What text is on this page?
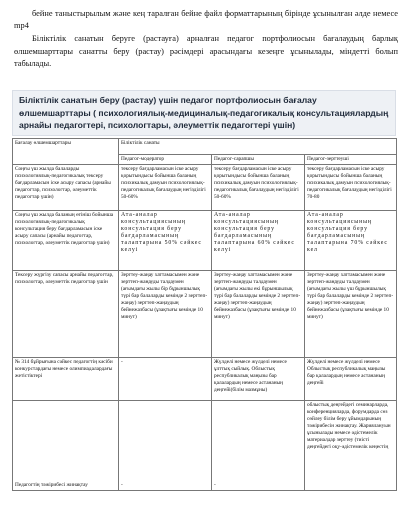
бейне таныстырылым және кең таралған бейне файл форматтарының бірінде ұсынылған әлде немесе mp4

Біліктілік санатын беруге (растауға) арналған педагог портфолиосын бағалаудың барлық өлшемшарттары санатты беру (растау) рәсімдері арасындағы кезеңге ұсынылады, міндетті болып табылады.

Біліктілік санатын беру (растау) үшін педагог портфолиосын бағалау өлшемшарттары ( психологиялық-медициналық-педагогикалық консультациялардың арнайы педагогтері, психологтары, әлеуметтік педагогтері үшін)
Бағалау өлшемшарттары	Біліктілік санаты		
	Педагог-модератор	Педагог-сарапшы	Педагог-зерттеуші
Соңғы үш жылда балаларды психологиялық-педагогикалық тексеру бағдарламасын іске асыру сапасы (арнайы педагогтар, психологтар, әлеуметтік педагогтар үшін)	тексеру бағдарламасын іске асыру қорытындысы бойынша баланың психикалық дамуын психологиялық-педагогикалық бағалаудың негізділігі 50-60%	тексеру бағдарламасын іске асыру қорытындысы бойынша баланың психикалық дамуын психологиялық-педагогикалық бағалаудың негізділігі 50-60%	тексеру бағдарламасын іске асыру қорытындысы бойынша баланың психикалық дамуын психологиялық-педагогикалық бағалаудың негізділігі 70-80
Соңғы үш жылда баланың өтініш бойынша психологиялық-педагогикалық консультация беру бағдарламасын іске асыру сапасы (арнайы педагогтар, психологтар, әлеуметтік педагогтар үшін)	Ата-аналар консультациясының консультация беру бағдарламасының талаптарына 50% сәйкес келуі	Ата-аналар консультациясының консультация беру бағдарламасының талаптарына 60% сәйкес келуі	Ата-аналар консультациясының консультация беру бағдарламасының талаптарына 70% сәйкес кел
Тексеру жүргізу сапасы арнайы педагогтар, психологтар, әлеуметтік педагогтар үшін	Зерттеу-жаңау хаттамасымен және зерттеп-жаңауды талдаумен (ағымдағы жылы бір бұрыншылық түрі бар балаларды кемінде 2 зерттеп-жаңау) зерттеп-жаңаудың бейнежазбасы (ұзақтығы кемінде 10 минут)	Зерттеу-жаңау хаттамасымен және зерттеп-жаңауды талдаумен (ағымдағы жылы екі бұрыншылық түрі бар балаларды кемінде 2 зерттеп-жаңау) зерттеп-жаңаудың бейнежазбасы (ұзақтығы кемінде 10 минут)	Зерттеу-жаңау хаттамасымен және зерттеп-жаңауды талдаумен (ағымдағы жылы үш бұрыншылық түрі бар балаларды кемінде 2 зерттеп-жаңау) зерттеп-жаңаудың бейнежазбасы (ұзақтығы кемінде 10 минут)
№ 314 бұйрығына сәйкес педагогтің кәсіби конкурстардағы немесе олимпиадалардағы жетістіктері	-	Жүлделі немесе жүлделі немесе ұлттық сыйлық. Облыстық республикалық маңызы бар қалалардың немесе астананың деңгейі(білім мазмұны)	Жүлделі немесе жүлделі немесе Облыстық республикалық маңызы бар қалалардың немесе астананың деңгейі
Педагогтің тәжірибесі жинақтау	-	-	облыстық деңгейдегі семинарларда, конференцияларда, форумдарда сөз сөйлеу білім беру ұйымдарының тәжірибесін жинақтау. Жариялануын ұсынылады немесе әдістемелік материалдар зерттеу (тиісті деңгейдегі оқу-әдістемелік кеңестің
